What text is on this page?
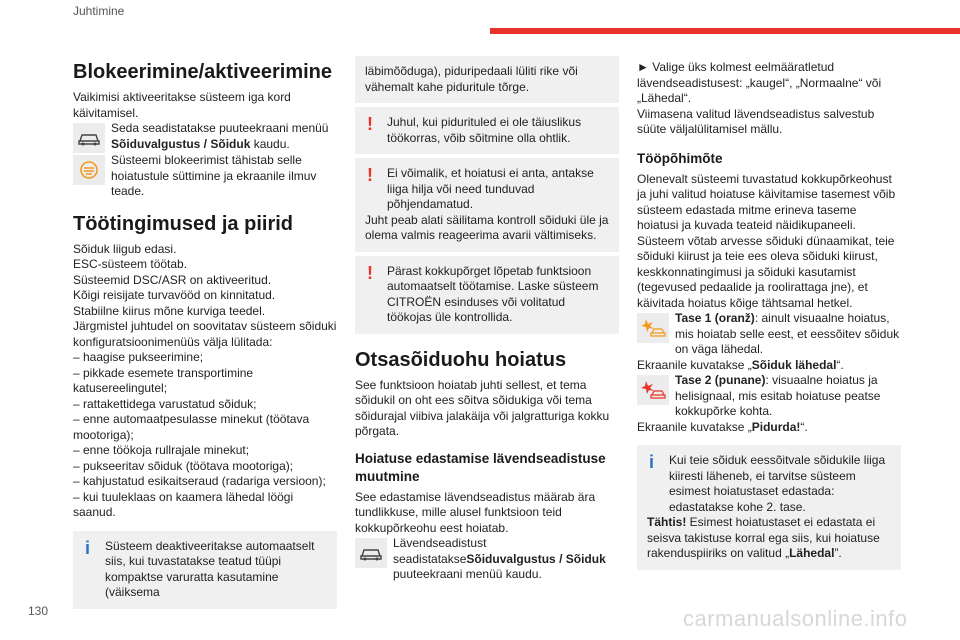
Juhtimine
Blokeerimine/aktiveerimine

Vaikimisi aktiveeritakse süsteem iga kord käivitamisel.

Seda seadistatakse puuteekraani menüü Sõiduvalgustus / Sõiduk kaudu.

Süsteemi blokeerimist tähistab selle hoiatustule süttimine ja ekraanile ilmuv teade.

Töötingimused ja piirid

Sõiduk liigub edasi.

ESC-süsteem töötab.

Süsteemid DSC/ASR on aktiveeritud.

Kõigi reisijate turvavööd on kinnitatud.

Stabiilne kiirus mõne kurviga teedel.

Järgmistel juhtudel on soovitatav süsteem sõiduki konfiguratsioonimenüüs välja lülitada:

– haagise pukseerimine;

– pikkade esemete transportimine katusereelingutel;

– rattakettidega varustatud sõiduk;

– enne automaatpesulasse minekut (töötava mootoriga);

– enne töökoja rullrajale minekut;

– pukseeritav sõiduk (töötava mootoriga);

– kahjustatud esikaitseraud (radariga versioon);

– kui tuuleklaas on kaamera lähedal löögi saanud.

i	Süsteem deaktiveeritakse automaatselt siis, kui tuvastatakse teatud tüüpi kompaktse varuratta kasutamine (väiksema

läbimõõduga), piduripedaali lüliti rike või vähemalt kahe piduritule tõrge.

!	Juhul, kui pidurituled ei ole täiuslikus töökorras, võib sõitmine olla ohtlik.

!	Ei võimalik, et hoiatusi ei anta, antakse liiga hilja või need tunduvad põhjendamatud.

Juht peab alati säilitama kontroll sõiduki üle ja olema valmis reageerima avarii vältimiseks.

!	Pärast kokkupõrget lõpetab funktsioon automaatselt töötamise. Laske süsteem CITROËN esinduses või volitatud töökojas üle kontrollida.

Otsasõiduohu hoiatus

See funktsioon hoiatab juhti sellest, et tema sõidukil on oht ees sõitva sõidukiga või tema sõidurajal viibiva jalakäija või jalgratturiga kokku põrgata.

Hoiatuse edastamise lävendseadistuse muutmine

See edastamise lävendseadistus määrab ära tundlikkuse, mille alusel funktsioon teid kokkupõrkeohu eest hoiatab.

Lävendseadistust seadistatakseSõiduvalgustus / Sõiduk puuteekraani menüü kaudu.

► Valige üks kolmest eelmääratletud lävendseadistusest: „kaugel“, „Normaalne“ või „Lähedal“.

Viimasena valitud lävendseadistus salvestub süüte väljalülitamisel mällu.

Tööpõhimõte

Olenevalt süsteemi tuvastatud kokkupõrkeohust ja juhi valitud hoiatuse käivitamise tasemest võib süsteem edastada mitme erineva taseme hoiatusi ja kuvada teateid näidikupaneeli. Süsteem võtab arvesse sõiduki dünaamikat, teie sõiduki kiirust ja teie ees oleva sõiduki kiirust, keskkonnatingimusi ja sõiduki kasutamist (tegevused pedaalide ja roolirattaga jne), et käivitada hoiatus kõige tähtsamal hetkel.

Tase 1 (oranž): ainult visuaalne hoiatus, mis hoiatab selle eest, et eessõitev sõiduk on väga lähedal.

Ekraanile kuvatakse „Sõiduk lähedal“.

Tase 2 (punane): visuaalne hoiatus ja helisignaal, mis esitab hoiatuse peatse kokkupõrke kohta.

Ekraanile kuvatakse „Pidurda!“.

i	Kui teie sõiduk eessõitvale sõidukile liiga kiiresti läheneb, ei tarvitse süsteem esimest hoiatustaset edastada: edastatakse kohe 2. tase.

Tähtis! Esimest hoiatustaset ei edastata ei seisva takistuse korral ega siis, kui hoiatuse rakenduspiiriks on valitud „Lähedal”.

130	carmanualsonline.info
